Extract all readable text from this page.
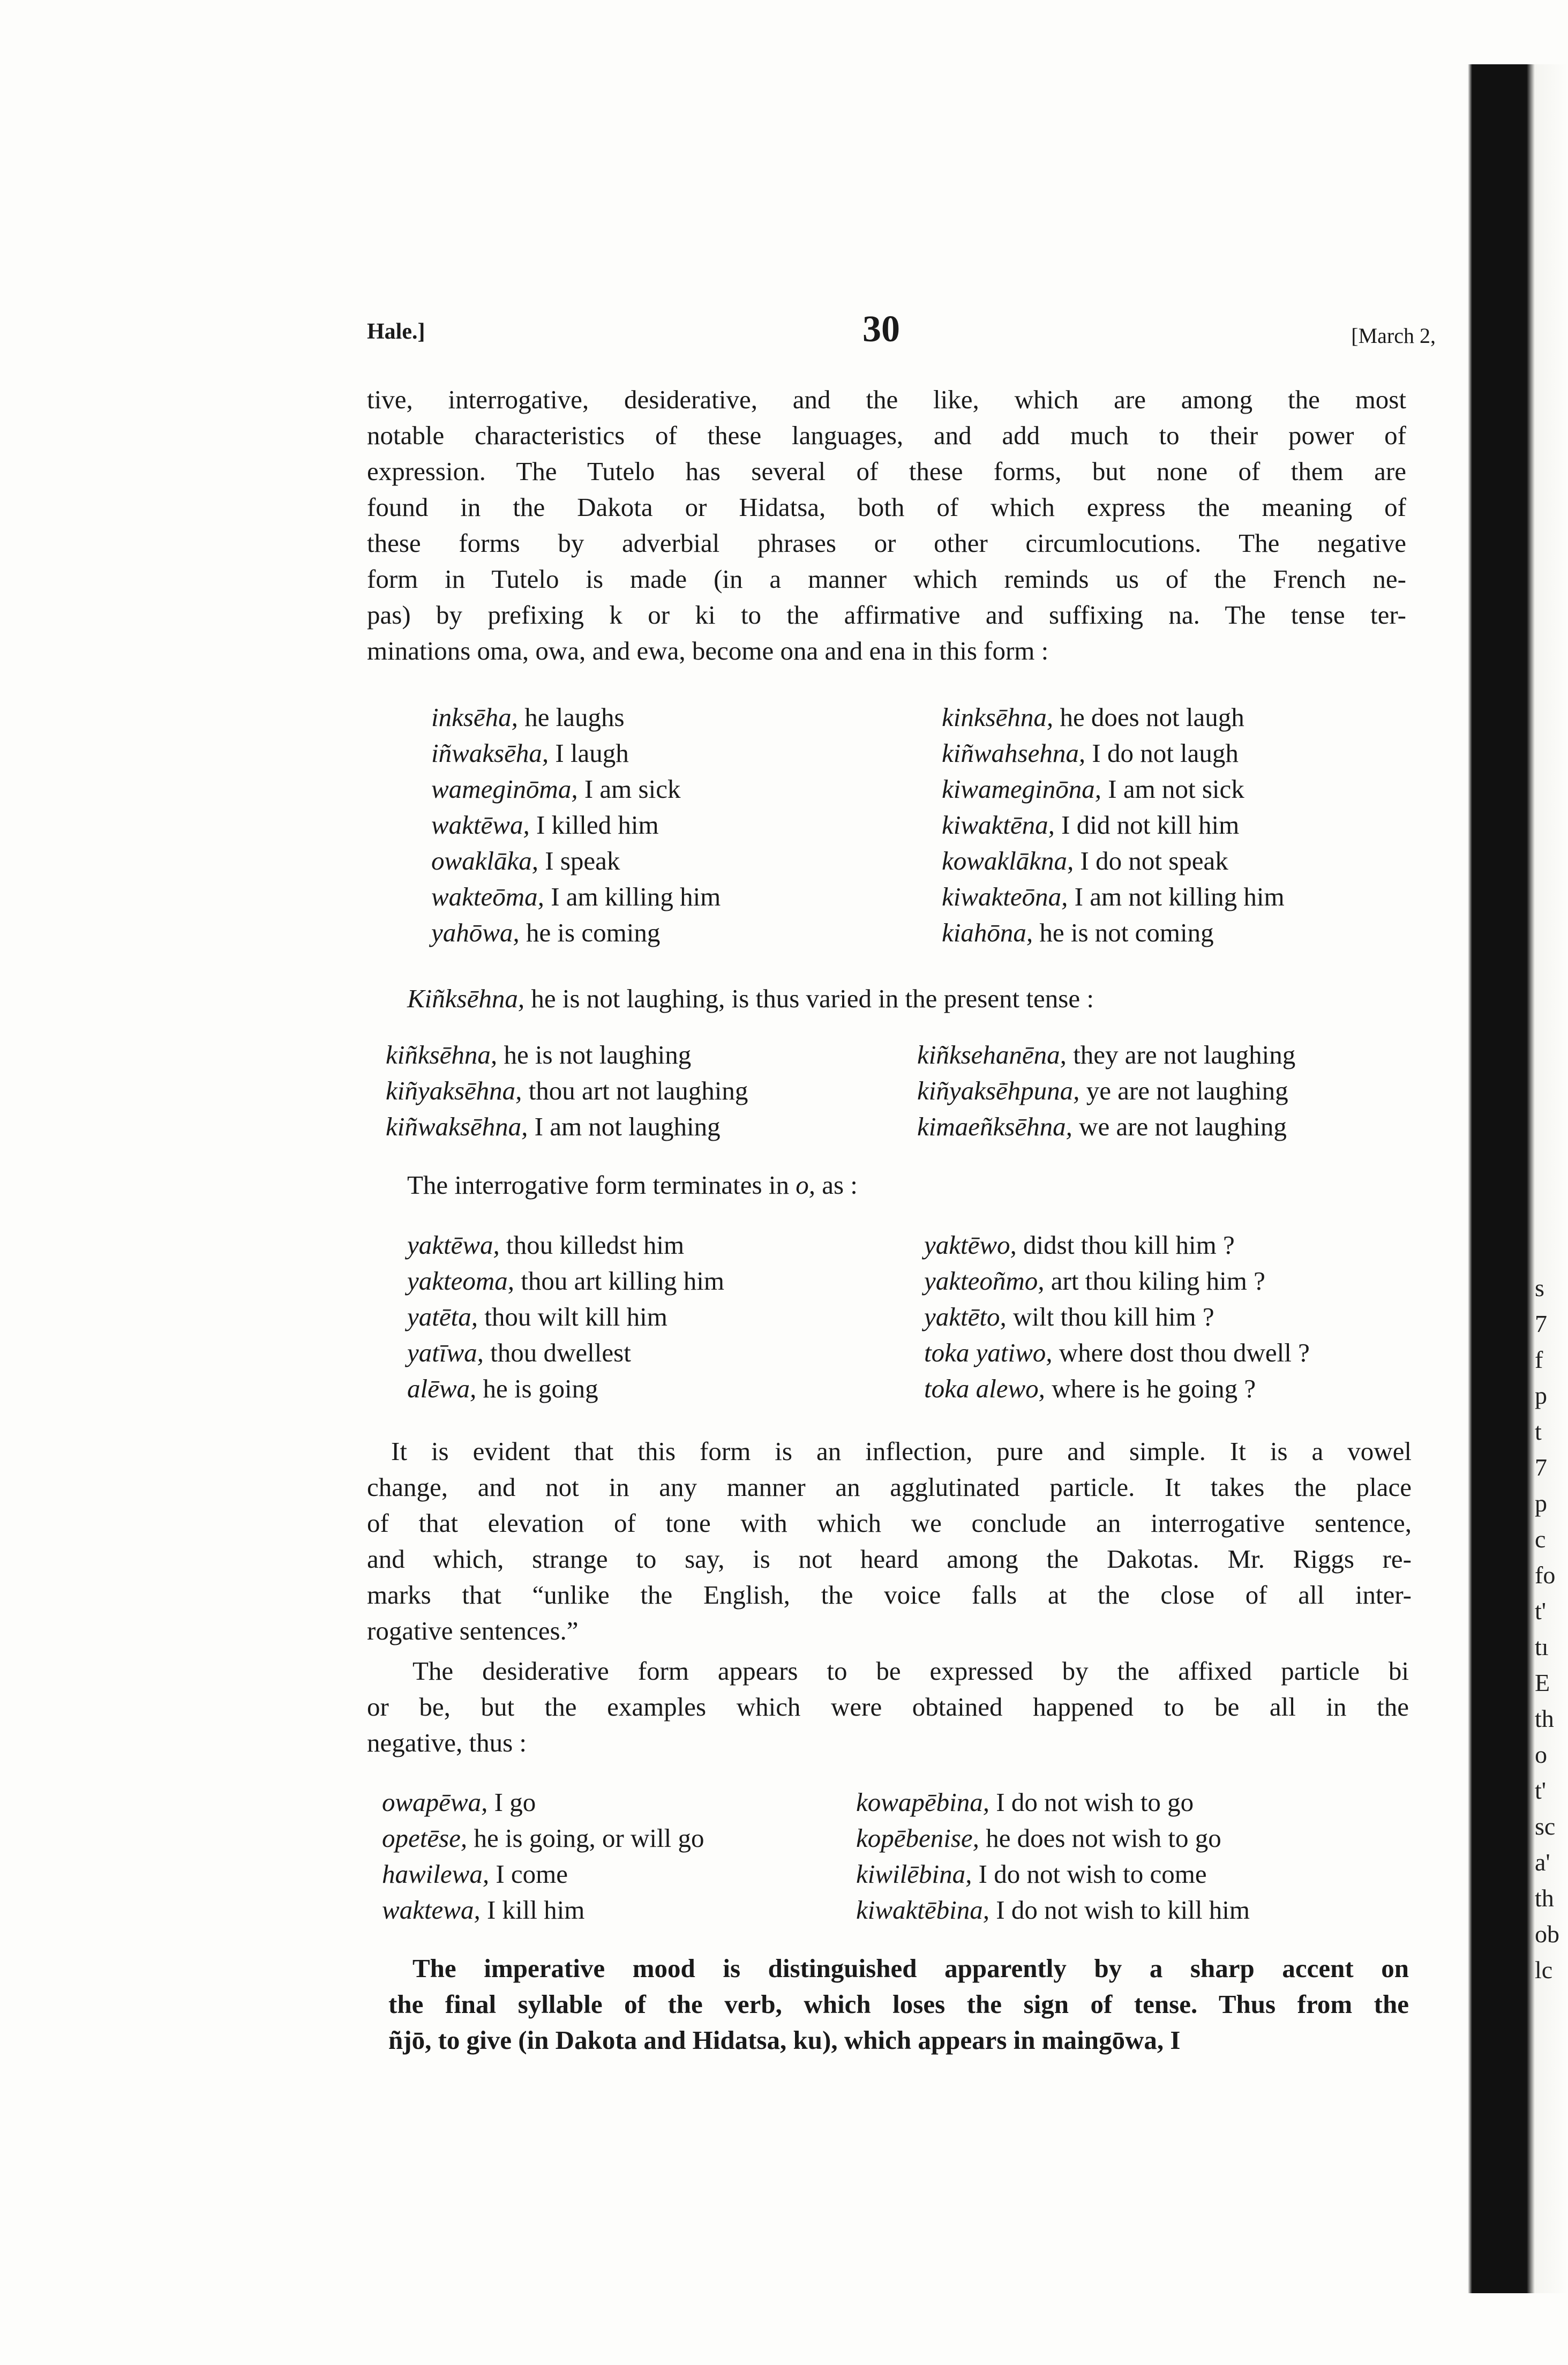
Hale.]	30	[March 2,
tive, interrogative, desiderative, and the like, which are among the most
notable characteristics of these languages, and add much to their power of
expression. The Tutelo has several of these forms, but none of them are
found in the Dakota or Hidatsa, both of which express the meaning of
these forms by adverbial phrases or other circumlocutions. The negative
form in Tutelo is made (in a manner which reminds us of the French ne-
pas) by prefixing k or ki to the affirmative and suffixing na. The tense ter-
minations oma, owa, and ewa, become ona and ena in this form :
inksēha, he laughs	kinksēhna, he does not laugh
iñwaksēha, I laugh	kiñwahsehna, I do not laugh
wameginōma, I am sick	kiwameginōna, I am not sick
waktēwa, I killed him	kiwaktēna, I did not kill him
owaklāka, I speak	kowaklākna, I do not speak
wakteōma, I am killing him	kiwakteōna, I am not killing him
yahōwa, he is coming	kiahōna, he is not coming
Kiñksēhna, he is not laughing, is thus varied in the present tense :
kiñksēhna, he is not laughing	kiñksehanēna, they are not laughing
kiñyaksēhna, thou art not laughing	kiñyaksēhpuna, ye are not laughing
kiñwaksēhna, I am not laughing	kimaeñksēhna, we are not laughing
The interrogative form terminates in o, as :
yaktēwa, thou killedst him	yaktēwo, didst thou kill him ?
yakteoma, thou art killing him	yakteoñmo, art thou kiling him ?
yatēta, thou wilt kill him	yaktēto, wilt thou kill him ?
yatīwa, thou dwellest	toka yatiwo, where dost thou dwell ?
alēwa, he is going	toka alewo, where is he going ?
It is evident that this form is an inflection, pure and simple. It is a vowel
change, and not in any manner an agglutinated particle. It takes the place
of that elevation of tone with which we conclude an interrogative sentence,
and which, strange to say, is not heard among the Dakotas. Mr. Riggs re-
marks that “unlike the English, the voice falls at the close of all inter-
rogative sentences.”
The desiderative form appears to be expressed by the affixed particle bi
or be, but the examples which were obtained happened to be all in the
negative, thus :
owapēwa, I go	kowapēbina, I do not wish to go
opetēse, he is going, or will go	kopēbenise, he does not wish to go
hawilewa, I come	kiwilēbina, I do not wish to come
waktewa, I kill him	kiwaktēbina, I do not wish to kill him
The imperative mood is distinguished apparently by a sharp accent on
the final syllable of the verb, which loses the sign of tense. Thus from the
ñjō, to give (in Dakota and Hidatsa, ku), which appears in maingōwa, I
s
7
f
p
t
7
p
c
fo
t'
tı
E
th
o
t'
sc
a'
th
ob
lc
